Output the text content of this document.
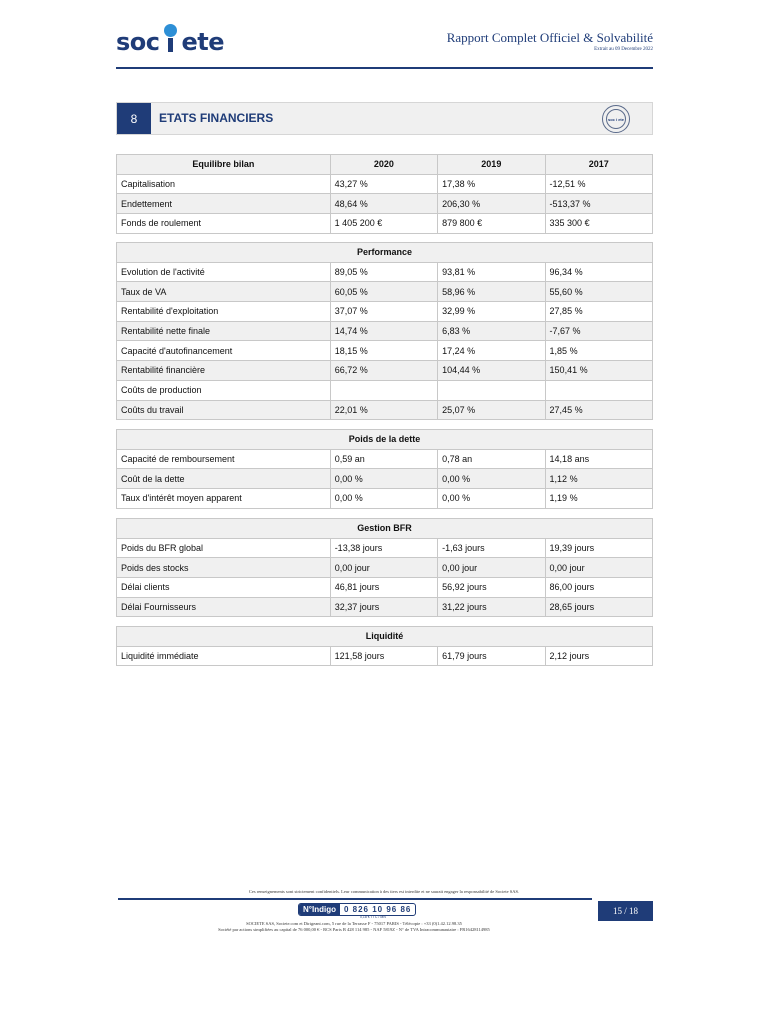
soc ete	Rapport Complet Officiel & Solvabilité
Extrait au 09 Decembre 2022
8	ETATS FINANCIERS	soc i ete
Equilibre bilan	2020	2019	2017
Capitalisation	43,27 %	17,38 %	-12,51 %
Endettement	48,64 %	206,30 %	-513,37 %
Fonds de roulement	1 405 200 €	879 800 €	335 300 €
Performance			
Evolution de l'activité	89,05 %	93,81 %	96,34 %
Taux de VA	60,05 %	58,96 %	55,60 %
Rentabilité d'exploitation	37,07 %	32,99 %	27,85 %
Rentabilité nette finale	14,74 %	6,83 %	-7,67 %
Capacité d'autofinancement	18,15 %	17,24 %	1,85 %
Rentabilité financière	66,72 %	104,44 %	150,41 %
Coûts de production			
Coûts du travail	22,01 %	25,07 %	27,45 %
Poids de la dette			
Capacité de remboursement	0,59 an	0,78 an	14,18 ans
Coût de la dette	0,00 %	0,00 %	1,12 %
Taux d'intérêt moyen apparent	0,00 %	0,00 %	1,19 %
Gestion BFR			
Poids du BFR global	-13,38 jours	-1,63 jours	19,39 jours
Poids des stocks	0,00 jour	0,00 jour	0,00 jour
Délai clients	46,81 jours	56,92 jours	86,00 jours
Délai Fournisseurs	32,37 jours	31,22 jours	28,65 jours
Liquidité
Liquidité immédiate	121,58 jours	61,79 jours	2,12 jours
Ces renseignements sont strictement confidentiels. Leur communication à des tiers est interdite et ne saurait engager la responsabilité de Societe SAS.
N°Indigo	0 826 10 96 86
0,18 € TTC / MN
SOCIETE SAS, Societe.com et Dirigeant.com, 5 rue de la Terrasse F - 75017 PARIS - Télécopie : +33 (0)1.42.12.98.35
Société par actions simplifiées au capital de 76 000,00 € - RCS Paris B 428 114 985 - NAF 5819Z - N° de TVA Intracommunautaire : FR16428114985
15 / 18
